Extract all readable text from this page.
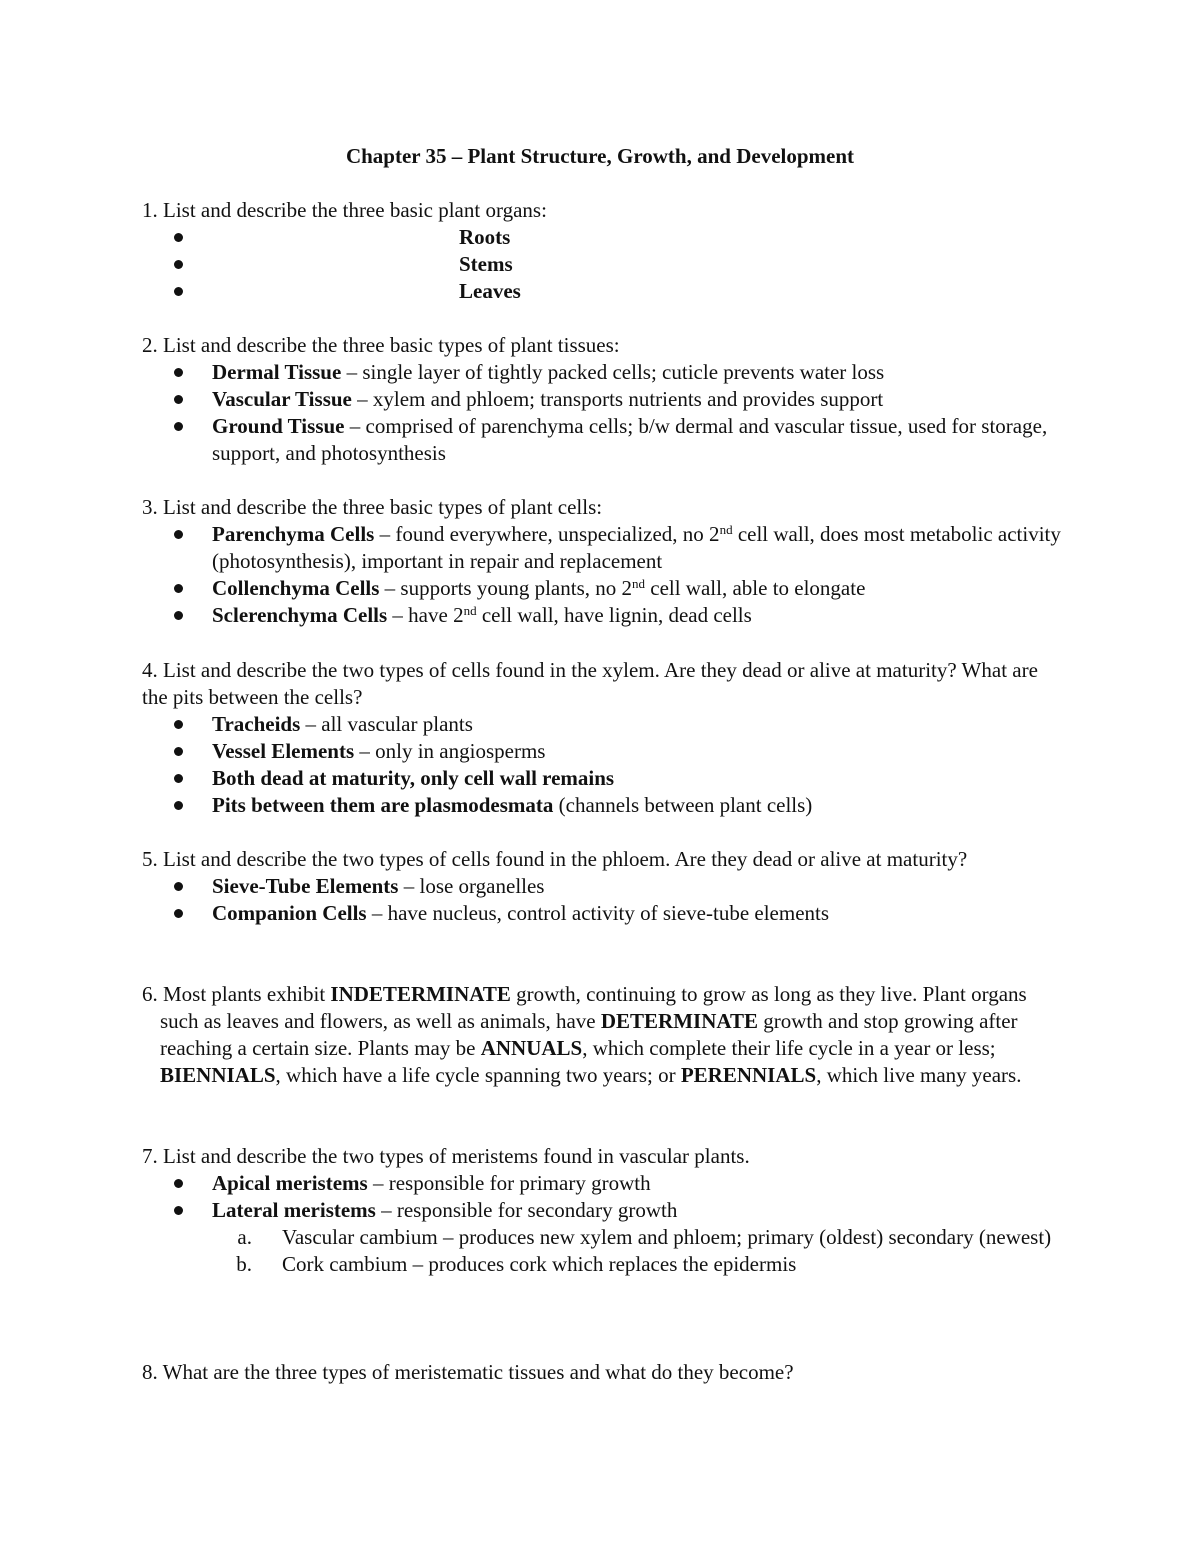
Chapter 35 – Plant Structure, Growth, and Development

1. List and describe the three basic plant organs:

Roots
Stems
Leaves

2. List and describe the three basic types of plant tissues:

Dermal Tissue – single layer of tightly packed cells; cuticle prevents water loss
Vascular Tissue – xylem and phloem; transports nutrients and provides support
Ground Tissue – comprised of parenchyma cells; b/w dermal and vascular tissue, used for storage, support, and photosynthesis

3. List and describe the three basic types of plant cells:

Parenchyma Cells – found everywhere, unspecialized, no 2nd cell wall, does most metabolic activity (photosynthesis), important in repair and replacement
Collenchyma Cells – supports young plants, no 2nd cell wall, able to elongate
Sclerenchyma Cells – have 2nd cell wall, have lignin, dead cells

4. List and describe the two types of cells found in the xylem. Are they dead or alive at maturity? What are the pits between the cells?

Tracheids – all vascular plants
Vessel Elements – only in angiosperms
Both dead at maturity, only cell wall remains
Pits between them are plasmodesmata (channels between plant cells)

5. List and describe the two types of cells found in the phloem. Are they dead or alive at maturity?

Sieve-Tube Elements – lose organelles
Companion Cells – have nucleus, control activity of sieve-tube elements

6. Most plants exhibit INDETERMINATE growth, continuing to grow as long as they live. Plant organs such as leaves and flowers, as well as animals, have DETERMINATE growth and stop growing after reaching a certain size. Plants may be ANNUALS, which complete their life cycle in a year or less; BIENNIALS, which have a life cycle spanning two years; or PERENNIALS, which live many years.

7. List and describe the two types of meristems found in vascular plants.

Apical meristems – responsible for primary growth
Lateral meristems – responsible for secondary growth
a. Vascular cambium – produces new xylem and phloem; primary (oldest) secondary (newest)
b. Cork cambium – produces cork which replaces the epidermis

8. What are the three types of meristematic tissues and what do they become?
